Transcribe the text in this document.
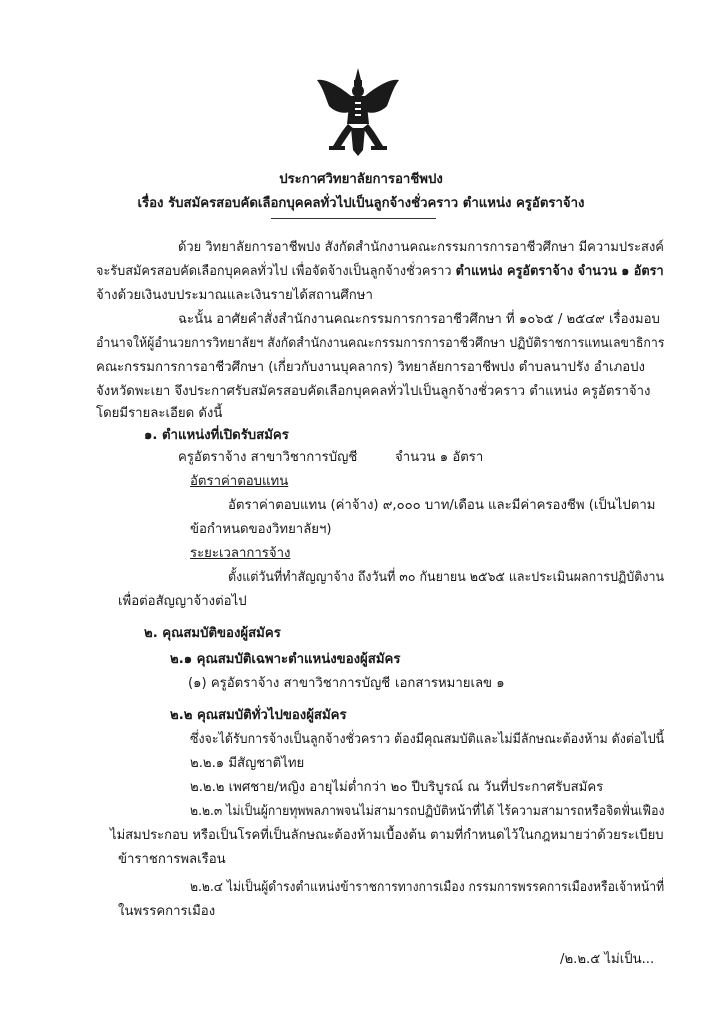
ประกาศวิทยาลัยการอาชีพปง
เรื่อง รับสมัครสอบคัดเลือกบุคคลทั่วไปเป็นลูกจ้างชั่วคราว ตำแหน่ง ครูอัตราจ้าง
ด้วย วิทยาลัยการอาชีพปง สังกัดสำนักงานคณะกรรมการการอาชีวศึกษา มีความประสงค์
จะรับสมัครสอบคัดเลือกบุคคลทั่วไป เพื่อจัดจ้างเป็นลูกจ้างชั่วคราว ตำแหน่ง ครูอัตราจ้าง จำนวน ๑ อัตรา
จ้างด้วยเงินงบประมาณและเงินรายได้สถานศึกษา
ฉะนั้น อาศัยคำสั่งสำนักงานคณะกรรมการการอาชีวศึกษา ที่ ๑๐๖๕ / ๒๕๔๙ เรื่องมอบ
อำนาจให้ผู้อำนวยการวิทยาลัยฯ สังกัดสำนักงานคณะกรรมการการอาชีวศึกษา ปฏิบัติราชการแทนเลขาธิการ
คณะกรรมการการอาชีวศึกษา (เกี่ยวกับงานบุคลากร) วิทยาลัยการอาชีพปง ตำบลนาปรัง อำเภอปง
จังหวัดพะเยา จึงประกาศรับสมัครสอบคัดเลือกบุคคลทั่วไปเป็นลูกจ้างชั่วคราว ตำแหน่ง ครูอัตราจ้าง
โดยมีรายละเอียด ดังนี้
๑. ตำแหน่งที่เปิดรับสมัคร
ครูอัตราจ้าง สาขาวิชาการบัญชี	จำนวน ๑ อัตรา
อัตราค่าตอบแทน
อัตราค่าตอบแทน (ค่าจ้าง) ๙,๐๐๐ บาท/เดือน และมีค่าครองชีพ (เป็นไปตาม
ข้อกำหนดของวิทยาลัยฯ)
ระยะเวลาการจ้าง
ตั้งแต่วันที่ทำสัญญาจ้าง ถึงวันที่ ๓๐ กันยายน ๒๕๖๕ และประเมินผลการปฏิบัติงาน
เพื่อต่อสัญญาจ้างต่อไป
๒. คุณสมบัติของผู้สมัคร
๒.๑ คุณสมบัติเฉพาะตำแหน่งของผู้สมัคร
(๑) ครูอัตราจ้าง สาขาวิชาการบัญชี เอกสารหมายเลข ๑
๒.๒ คุณสมบัติทั่วไปของผู้สมัคร
ซึ่งจะได้รับการจ้างเป็นลูกจ้างชั่วคราว ต้องมีคุณสมบัติและไม่มีลักษณะต้องห้าม ดังต่อไปนี้
๒.๒.๑ มีสัญชาติไทย
๒.๒.๒ เพศชาย/หญิง อายุไม่ต่ำกว่า ๒๐ ปีบริบูรณ์ ณ วันที่ประกาศรับสมัคร
๒.๒.๓ ไม่เป็นผู้กายทุพพลภาพจนไม่สามารถปฏิบัติหน้าที่ได้ ไร้ความสามารถหรือจิตฟั่นเฟือง
ไม่สมประกอบ หรือเป็นโรคที่เป็นลักษณะต้องห้ามเบื้องต้น ตามที่กำหนดไว้ในกฎหมายว่าด้วยระเบียบ
ข้าราชการพลเรือน
๒.๒.๔ ไม่เป็นผู้ดำรงตำแหน่งข้าราชการทางการเมือง กรรมการพรรคการเมืองหรือเจ้าหน้าที่
ในพรรคการเมือง
/๒.๒.๕ ไม่เป็น...
